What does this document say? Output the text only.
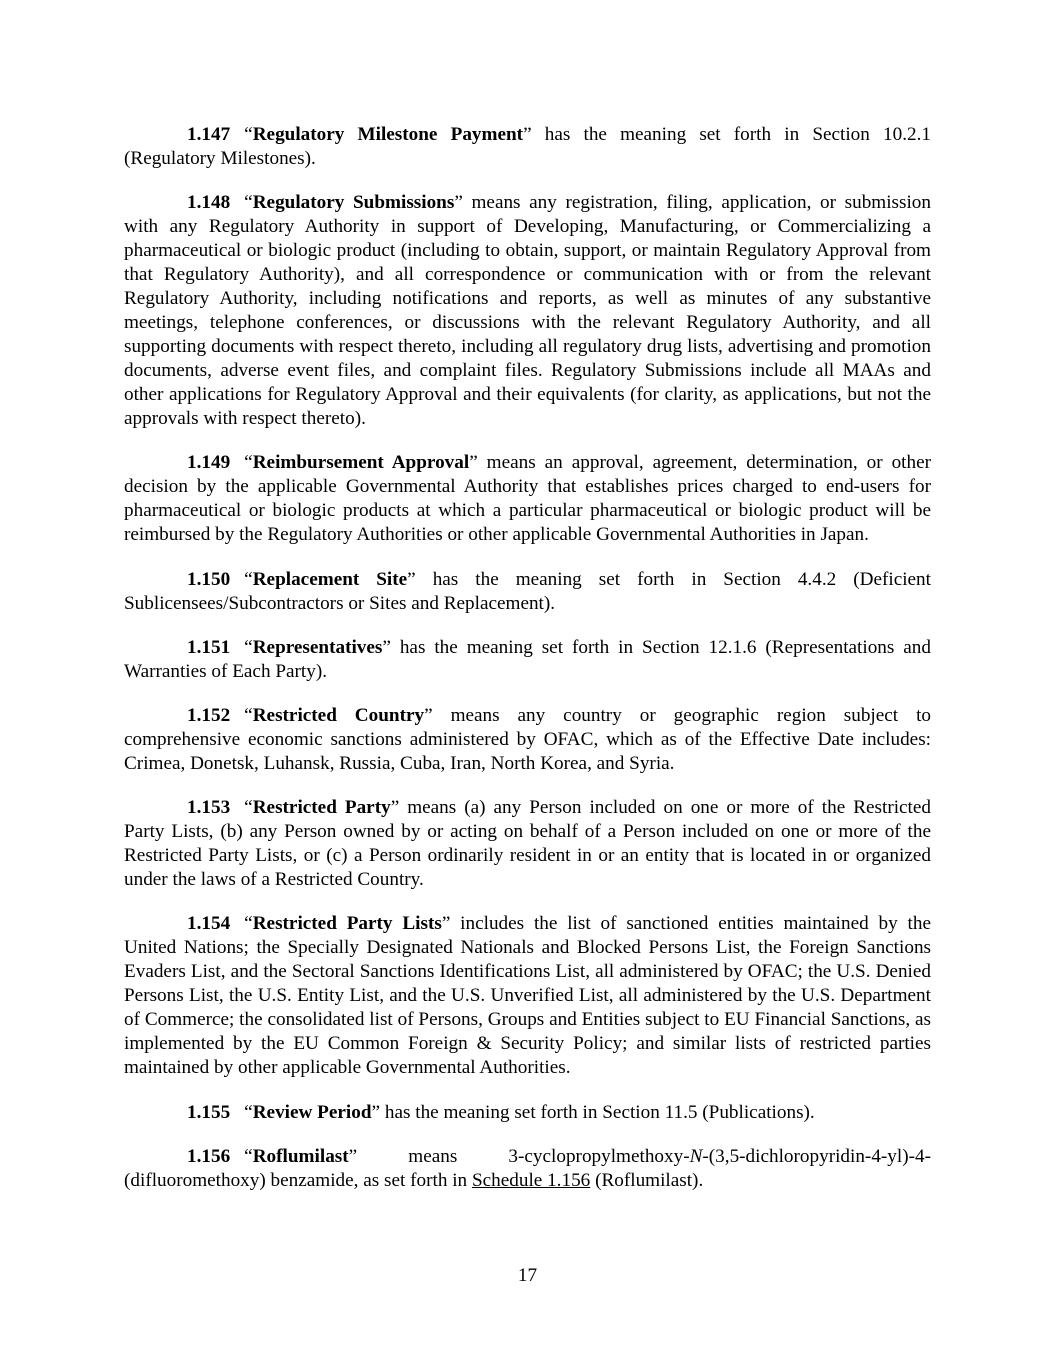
1.147 “Regulatory Milestone Payment” has the meaning set forth in Section 10.2.1 (Regulatory Milestones).

1.148 “Regulatory Submissions” means any registration, filing, application, or submission with any Regulatory Authority in support of Developing, Manufacturing, or Commercializing a pharmaceutical or biologic product (including to obtain, support, or maintain Regulatory Approval from that Regulatory Authority), and all correspondence or communication with or from the relevant Regulatory Authority, including notifications and reports, as well as minutes of any substantive meetings, telephone conferences, or discussions with the relevant Regulatory Authority, and all supporting documents with respect thereto, including all regulatory drug lists, advertising and promotion documents, adverse event files, and complaint files. Regulatory Submissions include all MAAs and other applications for Regulatory Approval and their equivalents (for clarity, as applications, but not the approvals with respect thereto).

1.149 “Reimbursement Approval” means an approval, agreement, determination, or other decision by the applicable Governmental Authority that establishes prices charged to end-users for pharmaceutical or biologic products at which a particular pharmaceutical or biologic product will be reimbursed by the Regulatory Authorities or other applicable Governmental Authorities in Japan.

1.150 “Replacement Site” has the meaning set forth in Section 4.4.2 (Deficient Sublicensees/Subcontractors or Sites and Replacement).

1.151 “Representatives” has the meaning set forth in Section 12.1.6 (Representations and Warranties of Each Party).

1.152 “Restricted Country” means any country or geographic region subject to comprehensive economic sanctions administered by OFAC, which as of the Effective Date includes: Crimea, Donetsk, Luhansk, Russia, Cuba, Iran, North Korea, and Syria.

1.153 “Restricted Party” means (a) any Person included on one or more of the Restricted Party Lists, (b) any Person owned by or acting on behalf of a Person included on one or more of the Restricted Party Lists, or (c) a Person ordinarily resident in or an entity that is located in or organized under the laws of a Restricted Country.

1.154 “Restricted Party Lists” includes the list of sanctioned entities maintained by the United Nations; the Specially Designated Nationals and Blocked Persons List, the Foreign Sanctions Evaders List, and the Sectoral Sanctions Identifications List, all administered by OFAC; the U.S. Denied Persons List, the U.S. Entity List, and the U.S. Unverified List, all administered by the U.S. Department of Commerce; the consolidated list of Persons, Groups and Entities subject to EU Financial Sanctions, as implemented by the EU Common Foreign & Security Policy; and similar lists of restricted parties maintained by other applicable Governmental Authorities.

1.155 “Review Period” has the meaning set forth in Section 11.5 (Publications).

1.156 “Roflumilast” means 3-cyclopropylmethoxy-N-(3,5-dichloropyridin-4-yl)-4-(difluoromethoxy) benzamide, as set forth in Schedule 1.156 (Roflumilast).

17
